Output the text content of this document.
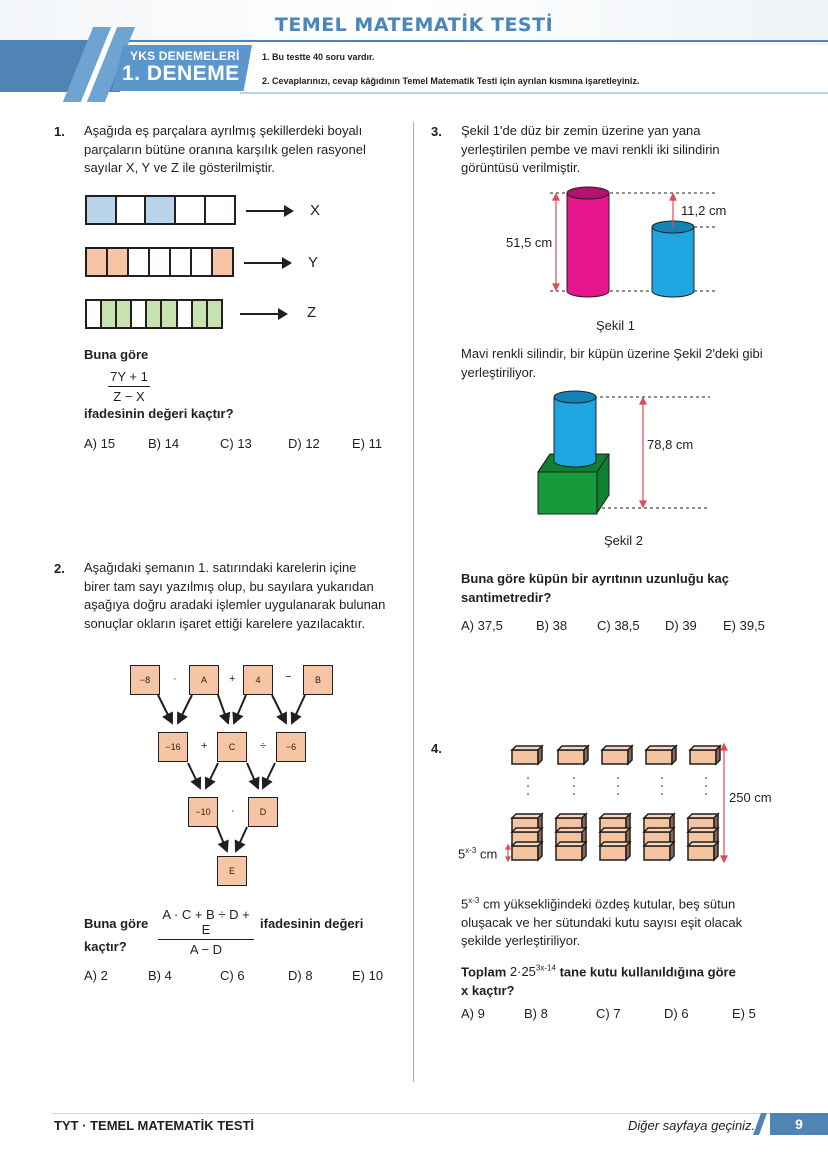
TEMEL MATEMATİK TESTİ
YKS DENEMELERİ
1. DENEME
1. Bu testte 40 soru vardır.
2. Cevaplarınızı, cevap kâğıdının Temel Matematik Testi için ayrılan kısmına işaretleyiniz.
1. Aşağıda eş parçalara ayrılmış şekillerdeki boyalı
parçaların bütüne oranına karşılık gelen rasyonel
sayılar X, Y ve Z ile gösterilmiştir.
X
Y
Z
Buna göre
$\frac{7Y + 1}{Z - X}$
ifadesinin değeri kaçtır?
A) 15	B) 14	C) 13	D) 12	E) 11
2. Aşağıdaki şemanın 1. satırındaki karelerin içine
birer tam sayı yazılmış olup, bu sayılara yukarıdan
aşağıya doğru aradaki işlemler uygulanarak bulunan
sonuçlar okların işaret ettiği karelere yazılacaktır.
−8	·	A	+	4	−	B
−16	+	C	÷	−6
−10	·	D
E
Buna göre $\frac{A \cdot C + B \div D + E}{A - D}$ ifadesinin değeri
kaçtır?
A) 2	B) 4	C) 6	D) 8	E) 10
3. Şekil 1'de düz bir zemin üzerine yan yana
yerleştirilen pembe ve mavi renkli iki silindirin
görüntüsü verilmiştir.
51,5 cm
11,2 cm
Şekil 1
Mavi renkli silindir, bir küpün üzerine Şekil 2'deki gibi
yerleştiriliyor.
78,8 cm
Şekil 2
Buna göre küpün bir ayrıtının uzunluğu kaç
santimetredir?
A) 37,5	B) 38	C) 38,5	D) 39	E) 39,5
4.
250 cm
5$^{x-3}$ cm
5$^{x-3}$ cm yüksekliğindeki özdeş kutular, beş sütun
oluşacak ve her sütundaki kutu sayısı eşit olacak
şekilde yerleştiriliyor.
Toplam $2\cdot 25^{3x-14}$ tane kutu kullanıldığına göre
x kaçtır?
A) 9	B) 8	C) 7	D) 6	E) 5
TYT · TEMEL MATEMATİK TESTİ	Diğer sayfaya geçiniz.	9
